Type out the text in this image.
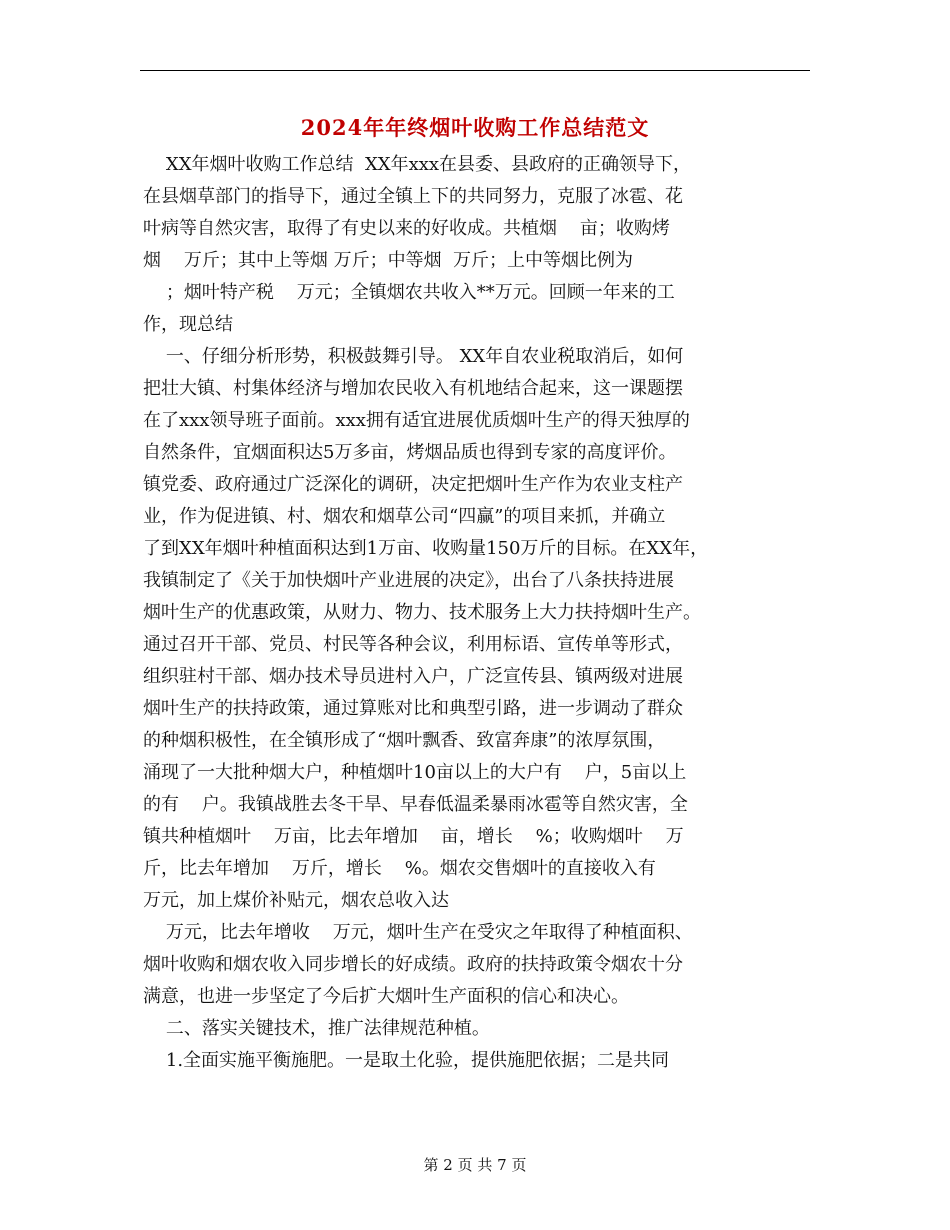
2024年年终烟叶收购工作总结范文
XX年烟叶收购工作总结  XX年xxx在县委、县政府的正确领导下，
在县烟草部门的指导下，通过全镇上下的共同努力，克服了冰雹、花
叶病等自然灾害，取得了有史以来的好收成。共植烟    亩；收购烤
烟    万斤；其中上等烟 万斤；中等烟  万斤；上中等烟比例为
；烟叶特产税    万元；全镇烟农共收入**万元。回顾一年来的工
作，现总结
一、仔细分析形势，积极鼓舞引导。 XX年自农业税取消后，如何
把壮大镇、村集体经济与增加农民收入有机地结合起来，这一课题摆
在了xxx领导班子面前。xxx拥有适宜进展优质烟叶生产的得天独厚的
自然条件，宜烟面积达5万多亩，烤烟品质也得到专家的高度评价。
镇党委、政府通过广泛深化的调研，决定把烟叶生产作为农业支柱产
业，作为促进镇、村、烟农和烟草公司“四赢”的项目来抓，并确立
了到XX年烟叶种植面积达到1万亩、收购量150万斤的目标。在XX年，
我镇制定了《关于加快烟叶产业进展的决定》，出台了八条扶持进展
烟叶生产的优惠政策，从财力、物力、技术服务上大力扶持烟叶生产。
通过召开干部、党员、村民等各种会议，利用标语、宣传单等形式，
组织驻村干部、烟办技术导员进村入户，广泛宣传县、镇两级对进展
烟叶生产的扶持政策，通过算账对比和典型引路，进一步调动了群众
的种烟积极性，在全镇形成了“烟叶飘香、致富奔康”的浓厚氛围，
涌现了一大批种烟大户，种植烟叶10亩以上的大户有    户，5亩以上
的有    户。我镇战胜去冬干旱、早春低温柔暴雨冰雹等自然灾害，全
镇共种植烟叶    万亩，比去年增加    亩，增长    %；收购烟叶    万
斤，比去年增加    万斤，增长    %。烟农交售烟叶的直接收入有
万元，加上煤价补贴元，烟农总收入达
万元，比去年增收    万元，烟叶生产在受灾之年取得了种植面积、
烟叶收购和烟农收入同步增长的好成绩。政府的扶持政策令烟农十分
满意，也进一步坚定了今后扩大烟叶生产面积的信心和决心。
二、落实关键技术，推广法律规范种植。
1.全面实施平衡施肥。一是取土化验，提供施肥依据；二是共同
第 2 页 共 7 页
